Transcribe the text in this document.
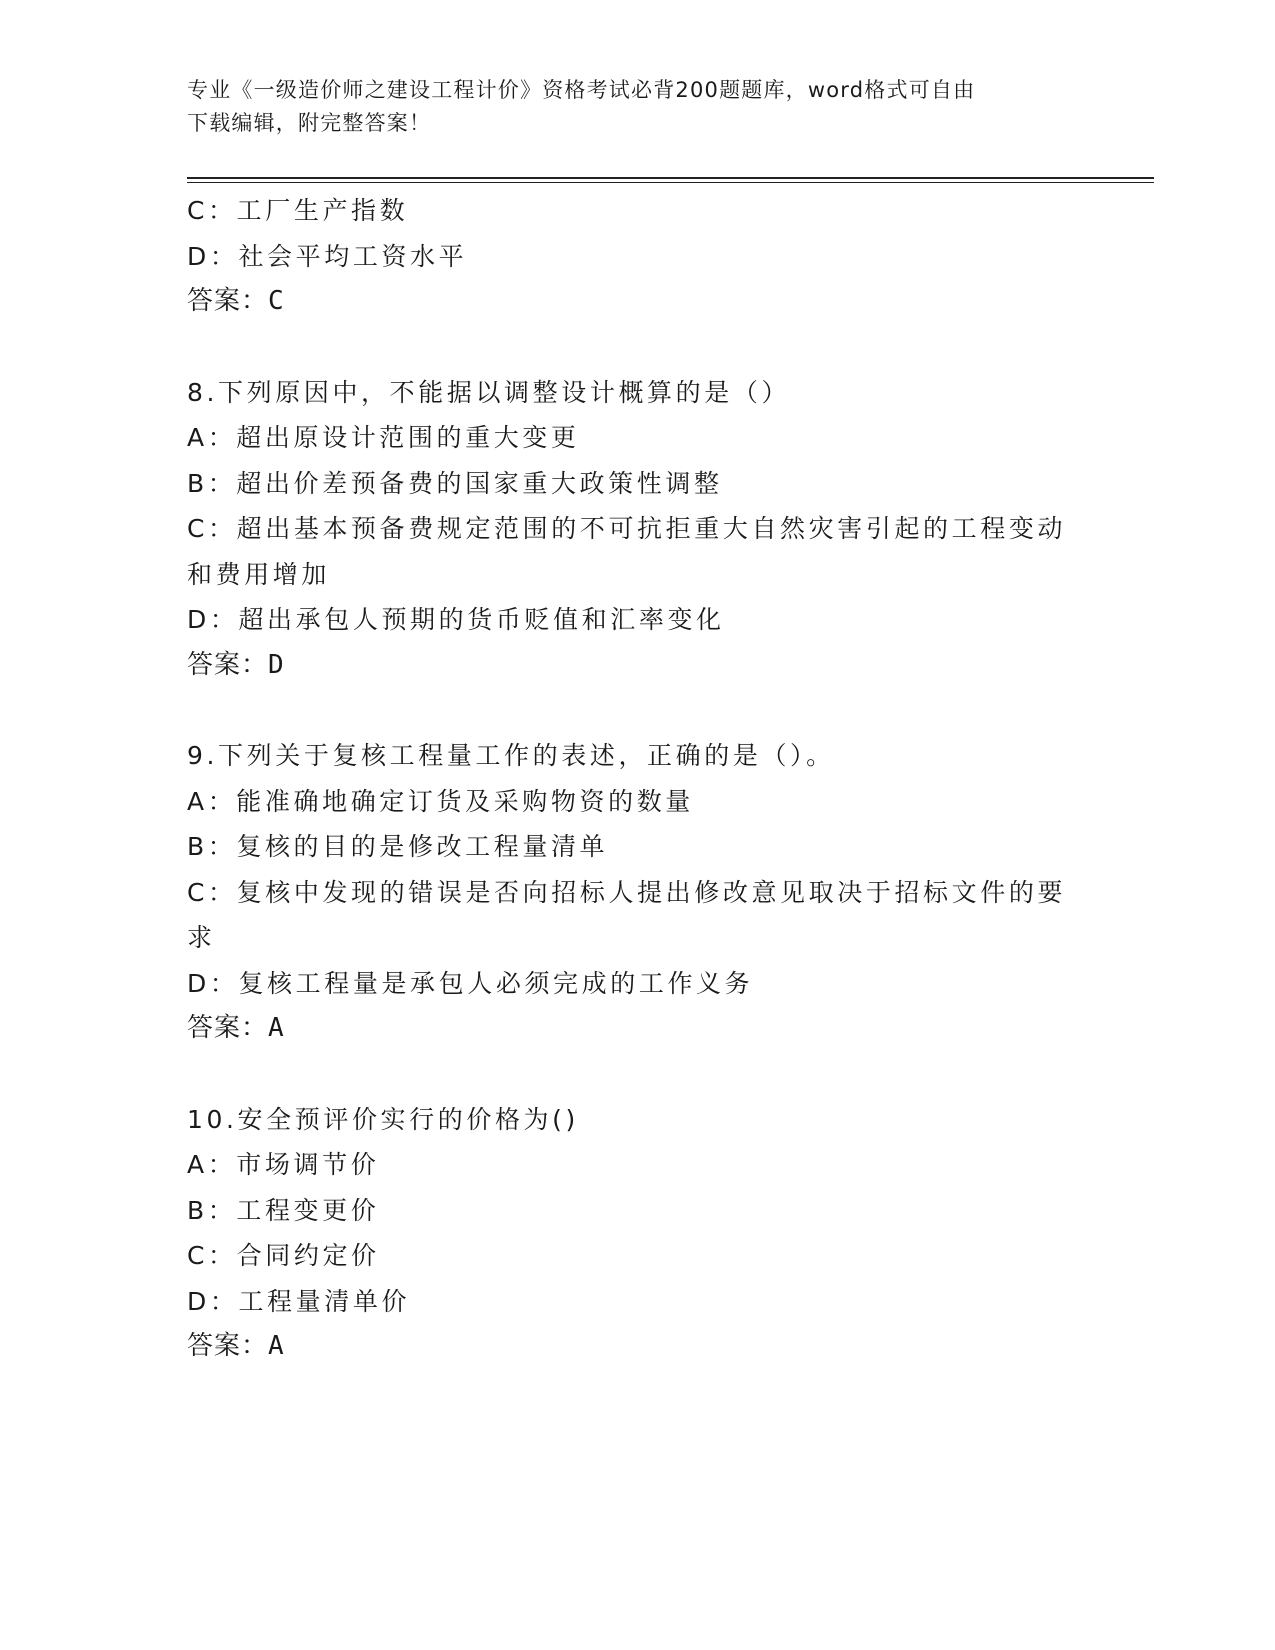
专业《一级造价师之建设工程计价》资格考试必背200题题库，word格式可自由
下载编辑，附完整答案！
C：工厂生产指数
D：社会平均工资水平
答案：C
8.下列原因中，不能据以调整设计概算的是（）
A：超出原设计范围的重大变更
B：超出价差预备费的国家重大政策性调整
C：超出基本预备费规定范围的不可抗拒重大自然灾害引起的工程变动
和费用增加
D：超出承包人预期的货币贬值和汇率变化
答案：D
9.下列关于复核工程量工作的表述，正确的是（）。
A：能准确地确定订货及采购物资的数量
B：复核的目的是修改工程量清单
C：复核中发现的错误是否向招标人提出修改意见取决于招标文件的要
求
D：复核工程量是承包人必须完成的工作义务
答案：A
10.安全预评价实行的价格为()
A：市场调节价
B：工程变更价
C：合同约定价
D：工程量清单价
答案：A
